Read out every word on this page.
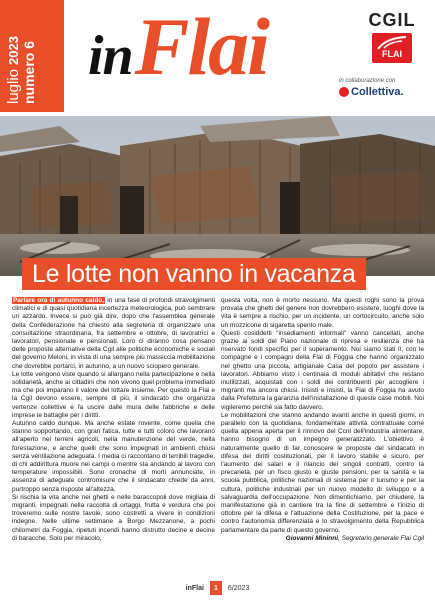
luglio
2023 numero 6 in Flai	CGIL
FLAI
in collaborazione con
Collettiva.
Le lotte non vanno in vacanza

Parlare ora di autunno caldo, in una fase di profondi stravolgimenti climatici e di quasi quotidiana incertezza meteorologica, può sembrare un azzardo. Invece si può già dire, dopo che l'assemblea generale della Confederazione ha chiesto alla segreteria di organizzare una consultazione straordinaria, fra settembre e ottobre, di lavoratrici e lavoratori, pensionate e pensionati. Loro ci diranno cosa pensano delle proposte alternative della Cgil alle politiche economiche e sociali del governo Meloni, in vista di una sempre più massiccia mobilitazione che dovrebbe portarci, in autunno, a un nuovo sciopero generale.

Le lotte vengono viste quando si allargano nella partecipazione e nella solidarietà, anche ai cittadini che non vivono quel problema immediato ma che poi imparano il valore del lottare insieme. Per questo la Flai e la Cgil devono essere, sempre di più, il sindacato che organizza vertenze collettive e fa uscire dalle mura delle fabbriche e delle imprese le battaglie per i diritti.

Autunno caldo dunque. Ma anche estate rovente, come quella che stanno sopportando, con gran fatica, tutte e tutti coloro che lavorano all'aperto nei terreni agricoli, nella manutenzione del verde, nella forestazione, e anche quelli che sono impegnati in ambienti chiusi senza ventilazione adeguata. I media ci raccontano di terribili tragedie, di chi addirittura muore nei campi o mentre sta andando al lavoro con temperature impossibili. Sono cronache di morti annunciate, in assenza di adeguate contromisure che il sindacato chiede da anni, purtroppo senza risposte all'altezza.

Si rischia la vita anche nei ghetti e nelle baraccopoli dove migliaia di migranti, impegnati nella raccolta di ortaggi, frutta e verdura che poi troveremo sulle nostre tavole, sono costretti a vivere in condizioni indegne. Nelle ultime settimane a Borgo Mezzanone, a pochi chilometri da Foggia, ripetuti incendi hanno distrutto decine e decine di baracche. Solo per miracolo,

questa volta, non è morto nessuno. Ma questi roghi sono la prova provata che ghetti del genere non dovrebbero esistere, luoghi dove la vita è sempre a rischio, per un incidente, un cortocircuito, anche solo un mozzicone di sigaretta spento male.

Questi cosiddetti "insediamenti informali" vanno cancellati, anche grazie ai soldi del Piano nazionale di ripresa e resilienza che ha riservato fondi specifici per il superamento. Noi siamo stati lì, con le compagne e i compagni della Flai di Foggia che hanno organizzato nel ghetto una piccola, artigianale Casa del popolo per assistere i lavoratori. Abbiamo visto i centinaia di moduli abitativi che restano inutilizzati, acquistati con i soldi dei contribuenti per accogliere i migranti ma ancora chiusi. Insisti e insisti, la Flai di Foggia ha avuto dalla Prefettura la garanzia dell'installazione di queste case mobili. Noi vigileremo perché sia fatto davvero.

Le mobilitazioni che stanno andando avanti anche in questi giorni, in parallelo con la quotidiana, fondamentale attività contrattuale come quella appena aperta per il rinnovo del Ccnl dell'industria alimentare, hanno bisogno di un impegno generalizzato. L'obiettivo è naturalmente quello di far conoscere le proposte del sindacato in difesa dei diritti costituzionali, per il lavoro stabile e sicuro, per l'aumento dei salari e il rilancio dei singoli contratti, contro la precarietà, per un fisco giusto e giuste pensioni, per la sanità e la scuola pubblica, politiche nazionali di sistema per il turismo e per la cultura, politiche industriali per un nuovo modello di sviluppo e a salvaguardia dell'occupazione. Non dimentichiamo, per chiudere, la manifestazione già in cantiere tra la fine di settembre e l'inizio di ottobre per la difesa e l'attuazione della Costituzione, per la pace e contro l'autonomia differenziata e lo stravolgimento della Repubblica parlamentare da parte di questo governo.

Giovanni Mininni, Segretario generale Flai Cgil

inFlai	1	6/2023
